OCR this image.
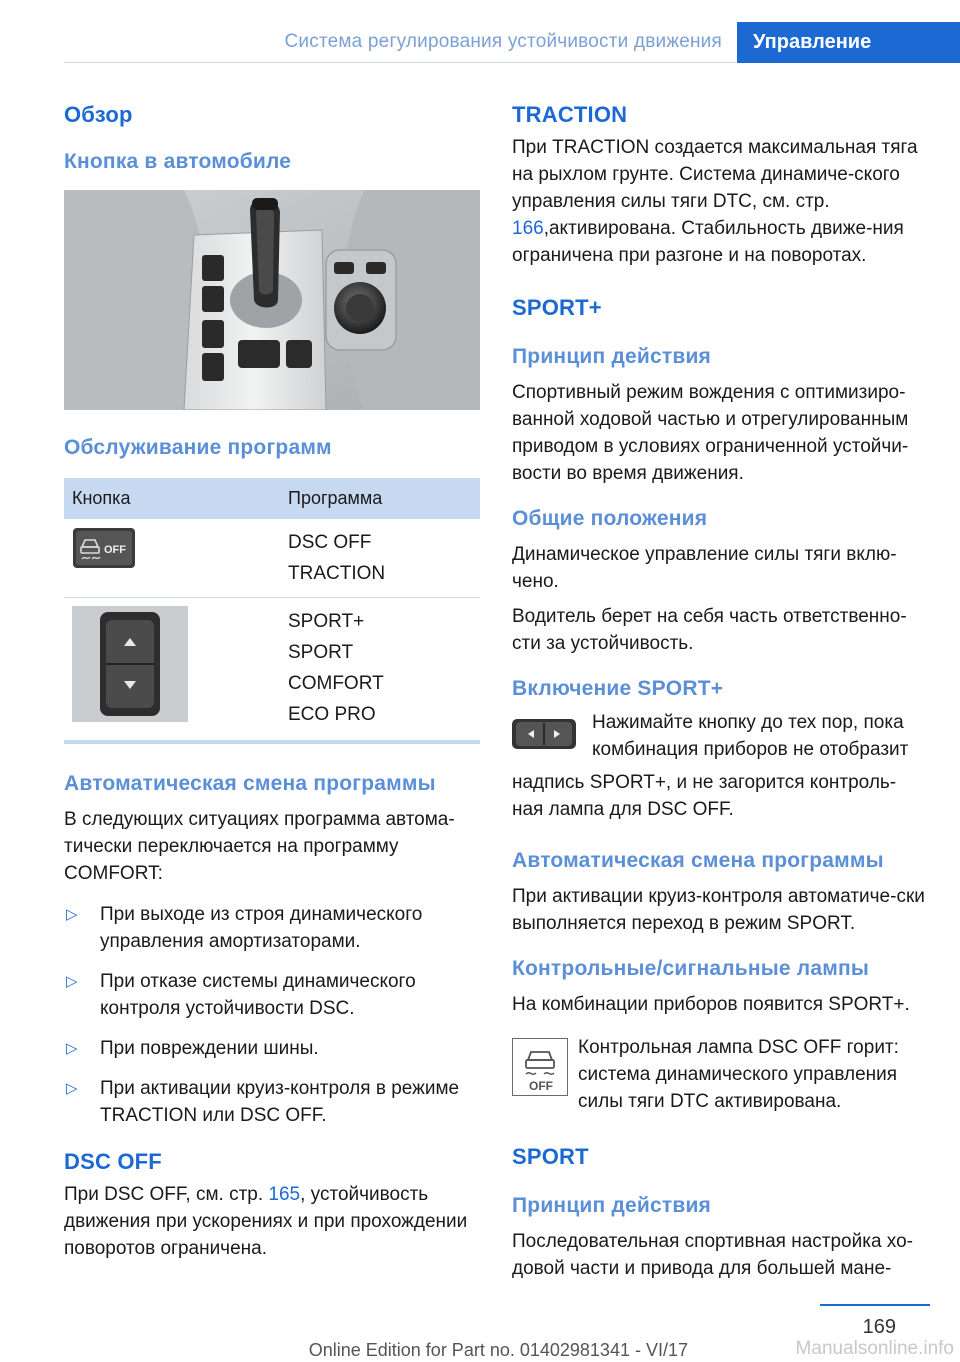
Система регулирования устойчивости движения	Управление
Обзор
Кнопка в автомобиле
Обслуживание программ
Кнопка	Программа

OFF	DSC OFF
TRACTION

SPORT+
SPORT
COMFORT
ECO PRO
Автоматическая смена программы

В следующих ситуациях программа автома-тически переключается на программу COMFORT:

▷ При выходе из строя динамического управления амортизаторами.
▷ При отказе системы динамического контроля устойчивости DSC.
▷ При повреждении шины.
▷ При активации круиз-контроля в режиме TRACTION или DSC OFF.
DSC OFF

При DSC OFF, см. стр. 165, устойчивость движения при ускорениях и при прохождении поворотов ограничена.

TRACTION

При TRACTION создается максимальная тяга на рыхлом грунте. Система динамиче-ского управления силы тяги DTC, см. стр. 166,активирована. Стабильность движе-ния ограничена при разгоне и на поворотах.

SPORT+
Принцип действия

Спортивный режим вождения с оптимизиро-ванной ходовой частью и отрегулированным приводом в условиях ограниченной устойчи-вости во время движения.

Общие положения

Динамическое управление силы тяги вклю-чено.

Водитель берет на себя часть ответственно-сти за устойчивость.

Включение SPORT+

Нажимайте кнопку до тех пор, пока комбинация приборов не отобразит

надпись SPORT+, и не загорится контроль-ная лампа для DSC OFF.

Автоматическая смена программы

При активации круиз-контроля автоматиче-ски выполняется переход в режим SPORT.

Контрольные/сигнальные лампы

На комбинации приборов появится SPORT+.

OFF

Контрольная лампа DSC OFF горит: система динамического управления силы тяги DTC активирована.

SPORT
Принцип действия

Последовательная спортивная настройка хо-довой части и привода для большей мане-

169
Online Edition for Part no. 01402981341 - VI/17	Manualsonline.info
